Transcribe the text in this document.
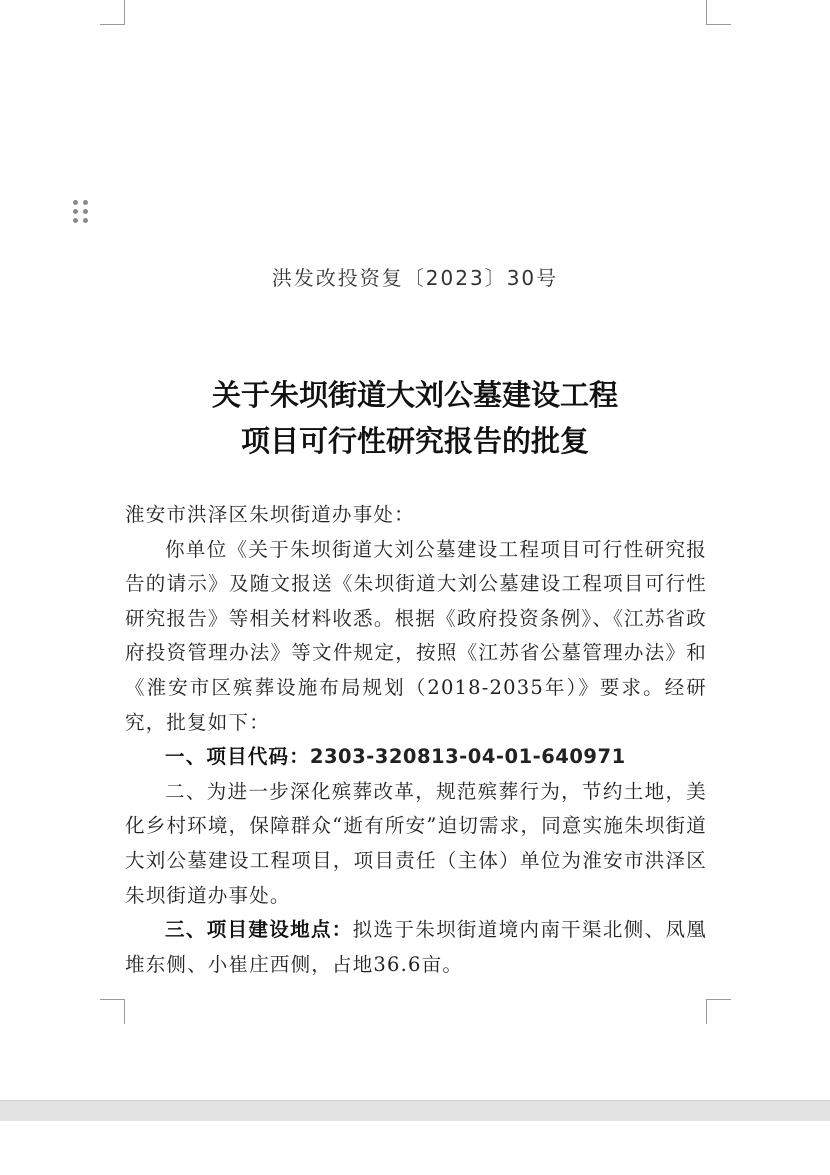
洪发改投资复〔2023〕30号
关于朱坝街道大刘公墓建设工程
项目可行性研究报告的批复

淮安市洪泽区朱坝街道办事处：

你单位《关于朱坝街道大刘公墓建设工程项目可行性研究报告的请示》及随文报送《朱坝街道大刘公墓建设工程项目可行性研究报告》等相关材料收悉。根据《政府投资条例》、《江苏省政府投资管理办法》等文件规定，按照《江苏省公墓管理办法》和《淮安市区殡葬设施布局规划（2018-2035年）》要求。经研究，批复如下：

一、项目代码：2303-320813-04-01-640971

二、为进一步深化殡葬改革，规范殡葬行为，节约土地，美化乡村环境，保障群众“逝有所安”迫切需求，同意实施朱坝街道大刘公墓建设工程项目，项目责任（主体）单位为淮安市洪泽区朱坝街道办事处。

三、项目建设地点：拟选于朱坝街道境内南干渠北侧、凤凰堆东侧、小崔庄西侧，占地36.6亩。
